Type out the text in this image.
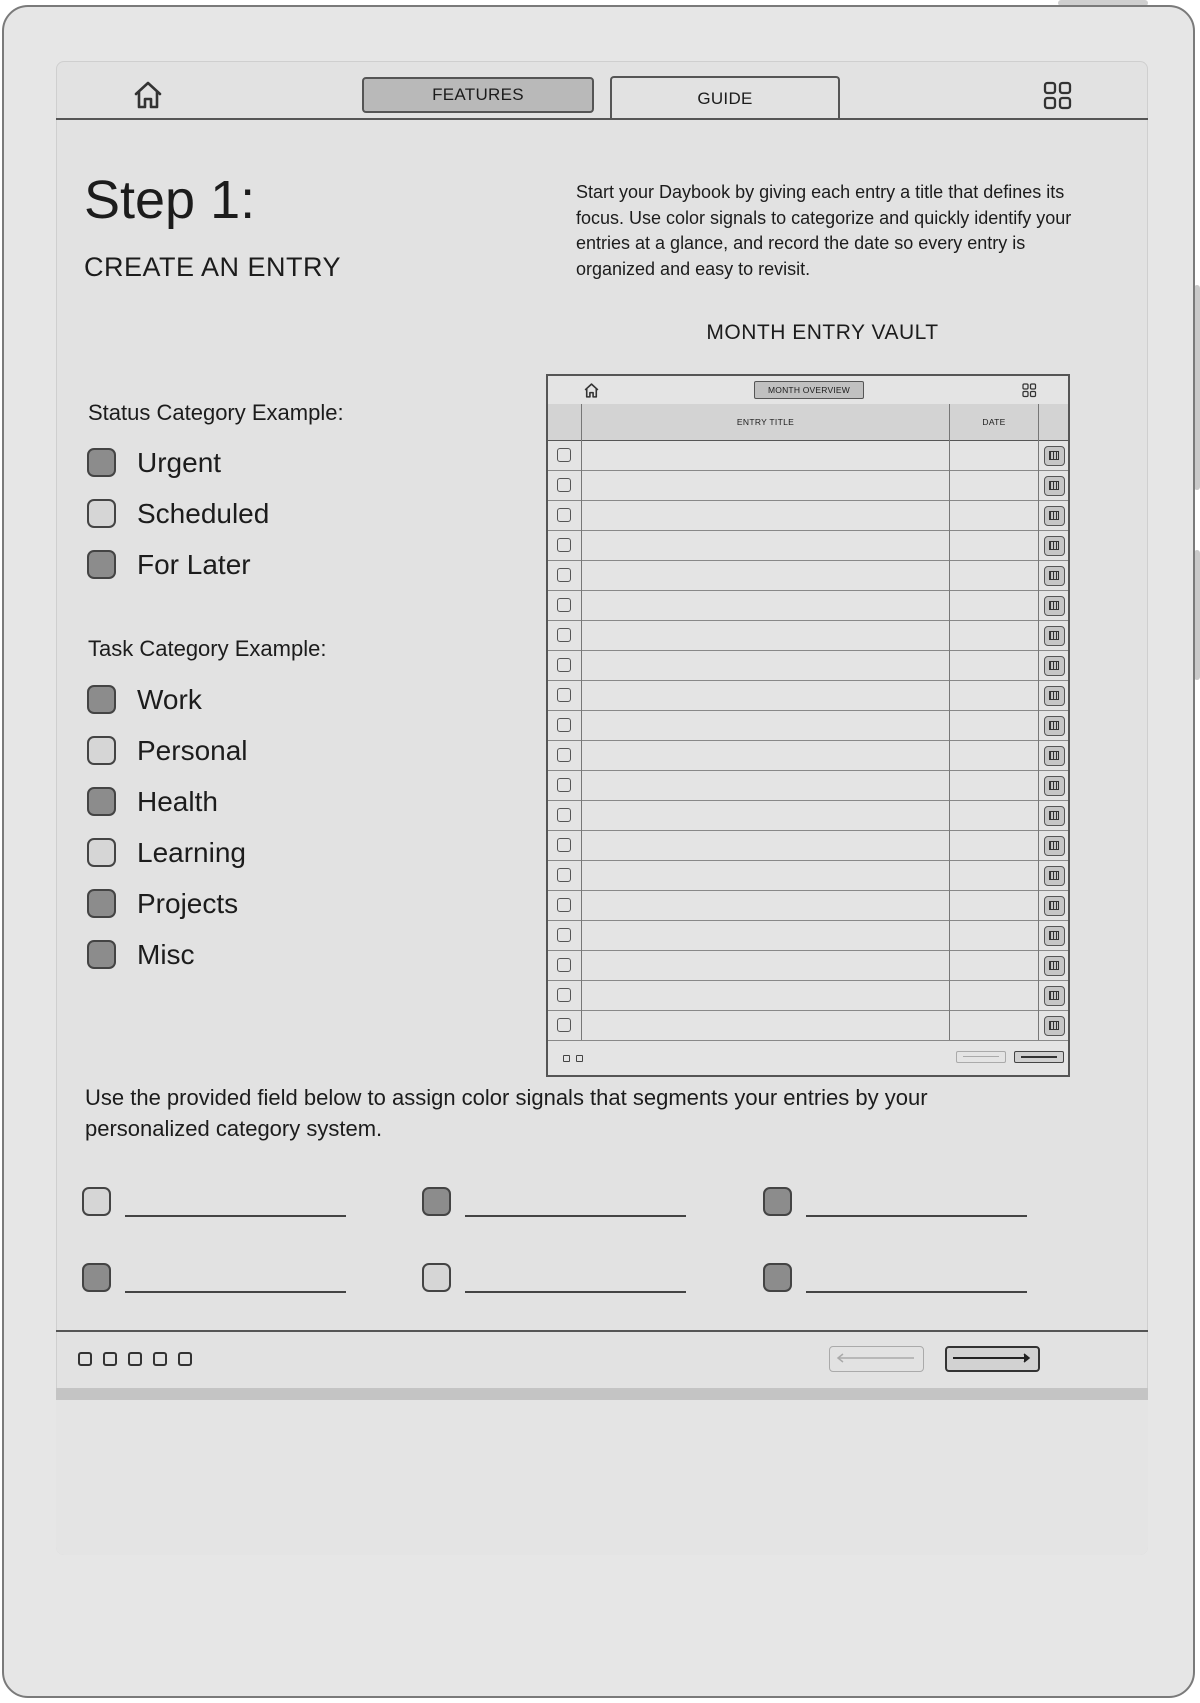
FEATURES	GUIDE
Step 1:
CREATE AN ENTRY

Start your Daybook by giving each entry a title that defines its focus. Use color signals to categorize and quickly identify your entries at a glance, and record the date so every entry is organized and easy to revisit.

Status Category Example:
Urgent
Scheduled
For Later
Task Category Example:
Work
Personal
Health
Learning
Projects
Misc
MONTH ENTRY VAULT
MONTH OVERVIEW
ENTRY TITLE	DATE

Use the provided field below to assign color signals that segments your entries by your personalized category system.
